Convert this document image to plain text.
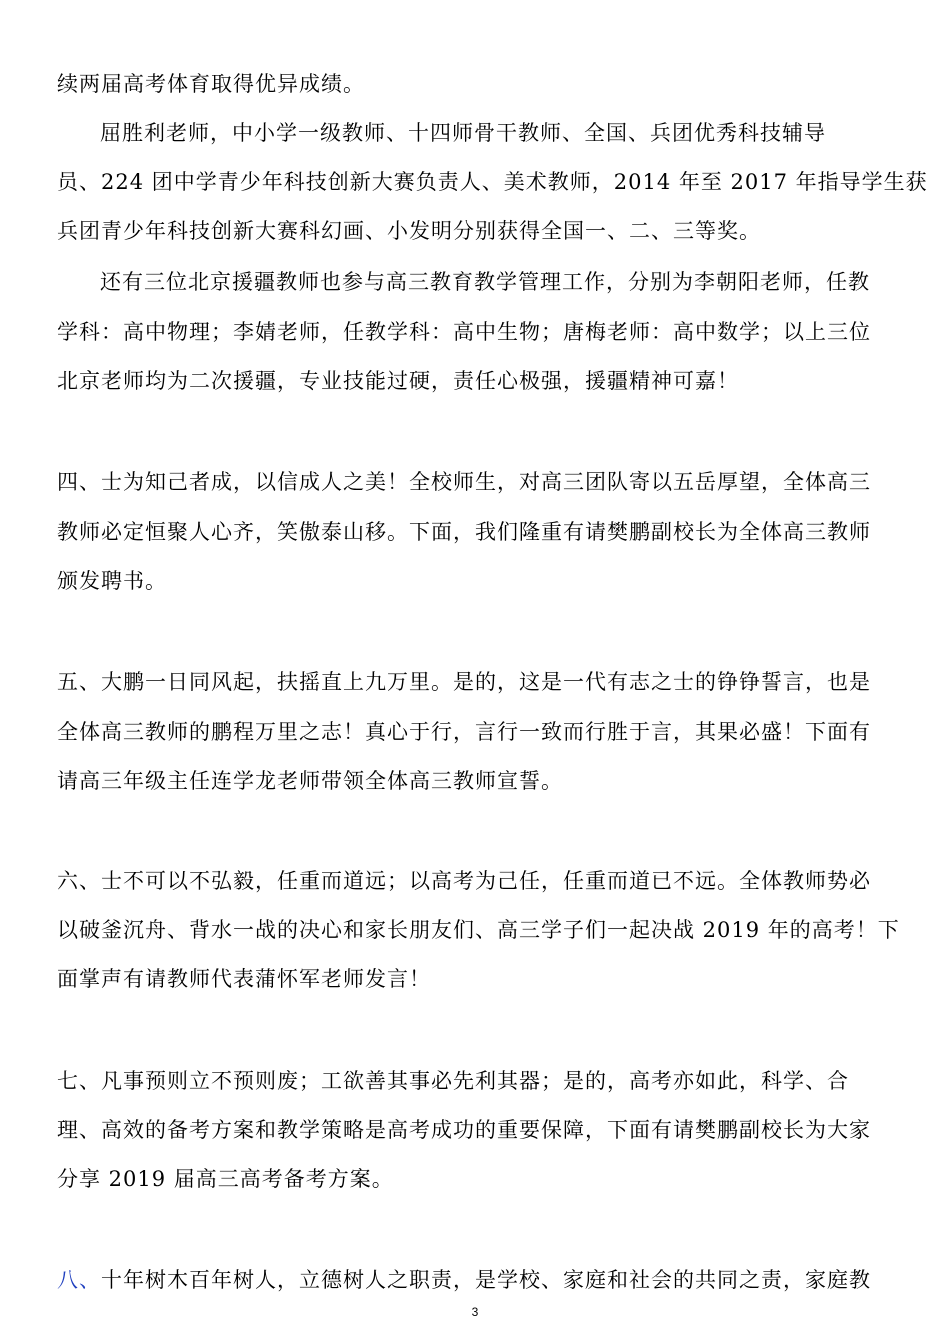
续两届高考体育取得优异成绩。
屈胜利老师，中小学一级教师、十四师骨干教师、全国、兵团优秀科技辅导
员、224 团中学青少年科技创新大赛负责人、美术教师，2014 年至 2017 年指导学生获
兵团青少年科技创新大赛科幻画、小发明分别获得全国一、二、三等奖。
还有三位北京援疆教师也参与高三教育教学管理工作，分别为李朝阳老师，任教
学科：高中物理；李婧老师，任教学科：高中生物；唐梅老师：高中数学；以上三位
北京老师均为二次援疆，专业技能过硬，责任心极强，援疆精神可嘉！
四、士为知己者成，以信成人之美！全校师生，对高三团队寄以五岳厚望，全体高三
教师必定恒聚人心齐，笑傲泰山移。下面，我们隆重有请樊鹏副校长为全体高三教师
颁发聘书。
五、大鹏一日同风起，扶摇直上九万里。是的，这是一代有志之士的铮铮誓言，也是
全体高三教师的鹏程万里之志！真心于行，言行一致而行胜于言，其果必盛！下面有
请高三年级主任连学龙老师带领全体高三教师宣誓。
六、士不可以不弘毅，任重而道远；以高考为己任，任重而道已不远。全体教师势必
以破釜沉舟、背水一战的决心和家长朋友们、高三学子们一起决战 2019 年的高考！下
面掌声有请教师代表蒲怀军老师发言！
七、凡事预则立不预则废；工欲善其事必先利其器；是的，高考亦如此，科学、合
理、高效的备考方案和教学策略是高考成功的重要保障，下面有请樊鹏副校长为大家
分享 2019 届高三高考备考方案。
八、十年树木百年树人，立德树人之职责，是学校、家庭和社会的共同之责，家庭教
3
